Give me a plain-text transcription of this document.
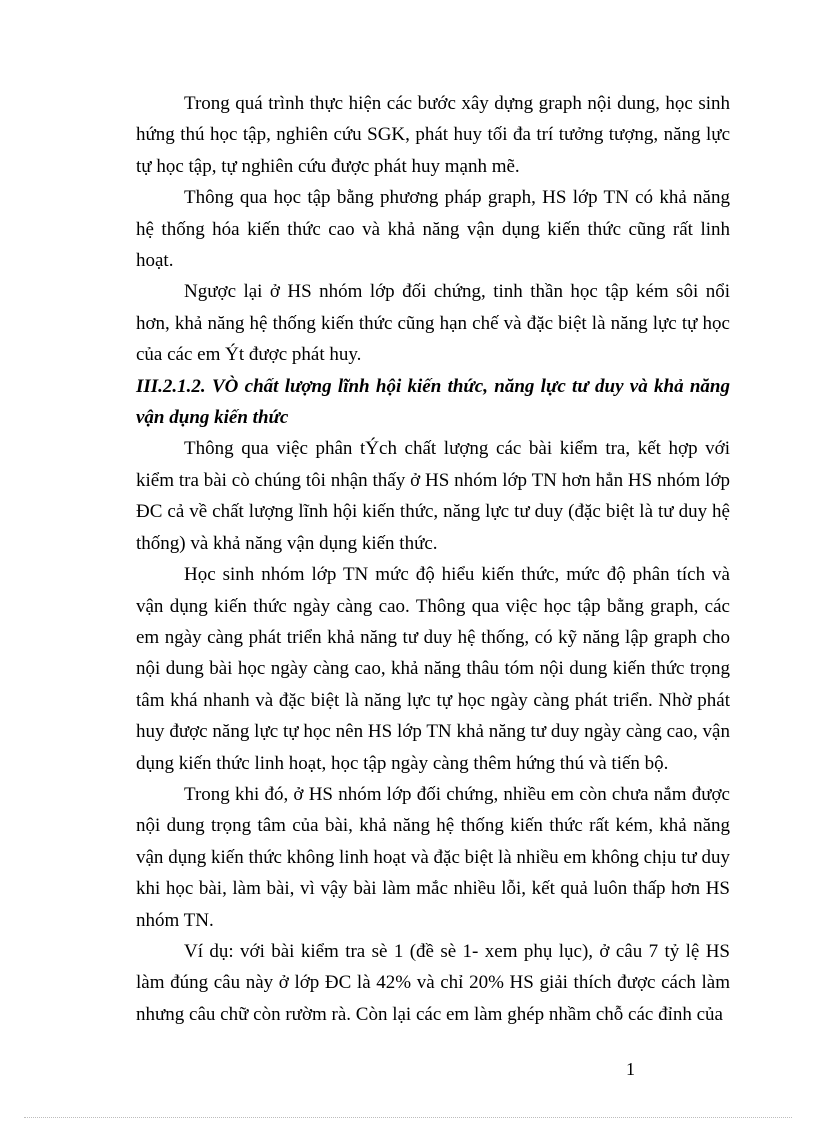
Trong quá trình thực hiện các bước xây dựng graph nội dung, học sinh hứng thú học tập, nghiên cứu SGK, phát huy tối đa trí tưởng tượng, năng lực tự học tập, tự nghiên cứu được phát huy mạnh mẽ.

Thông qua học tập bằng phương pháp graph, HS lớp TN có khả năng hệ thống hóa kiến thức cao và khả năng vận dụng kiến thức cũng rất linh hoạt.

Ngược lại ở HS nhóm lớp đối chứng, tinh thần học tập kém sôi nổi hơn, khả năng hệ thống kiến thức cũng hạn chế và đặc biệt là năng lực tự học của các em Ýt được phát huy.

III.2.1.2. VÒ chất lượng lĩnh hội kiến thức, năng lực tư duy và khả năng vận dụng kiến thức

Thông qua việc phân tÝch chất lượng các bài kiểm tra, kết hợp với kiểm tra bài cò chúng tôi nhận thấy ở HS nhóm lớp TN hơn hẳn HS nhóm lớp ĐC cả về chất lượng lĩnh hội kiến thức, năng lực tư duy (đặc biệt là tư duy hệ thống) và khả năng vận dụng kiến thức.

Học sinh nhóm lớp TN mức độ hiểu kiến thức, mức độ phân tích và vận dụng kiến thức ngày càng cao. Thông qua việc học tập bằng graph, các em ngày càng phát triển khả năng tư duy hệ thống, có kỹ năng lập graph cho nội dung bài học ngày càng cao, khả năng thâu tóm nội dung kiến thức trọng tâm khá nhanh và đặc biệt là năng lực tự học ngày càng phát triển. Nhờ phát huy được năng lực tự học nên HS lớp TN khả năng tư duy ngày càng cao, vận dụng kiến thức linh hoạt, học tập ngày càng thêm hứng thú và tiến bộ.

Trong khi đó, ở HS nhóm lớp đối chứng, nhiều em còn chưa nắm được nội dung trọng tâm của bài, khả năng hệ thống kiến thức rất kém, khả năng vận dụng kiến thức không linh hoạt và đặc biệt là nhiều em không chịu tư duy khi học bài, làm bài, vì vậy bài làm mắc nhiều lỗi, kết quả luôn thấp hơn HS nhóm TN.

Ví dụ: với bài kiểm tra sè 1 (đề sè 1- xem phụ lục), ở câu 7 tỷ lệ HS làm đúng câu này ở lớp ĐC là 42% và chỉ 20% HS giải thích được cách làm nhưng câu chữ còn rườm rà. Còn lại các em làm ghép nhầm chỗ các đỉnh của

1
